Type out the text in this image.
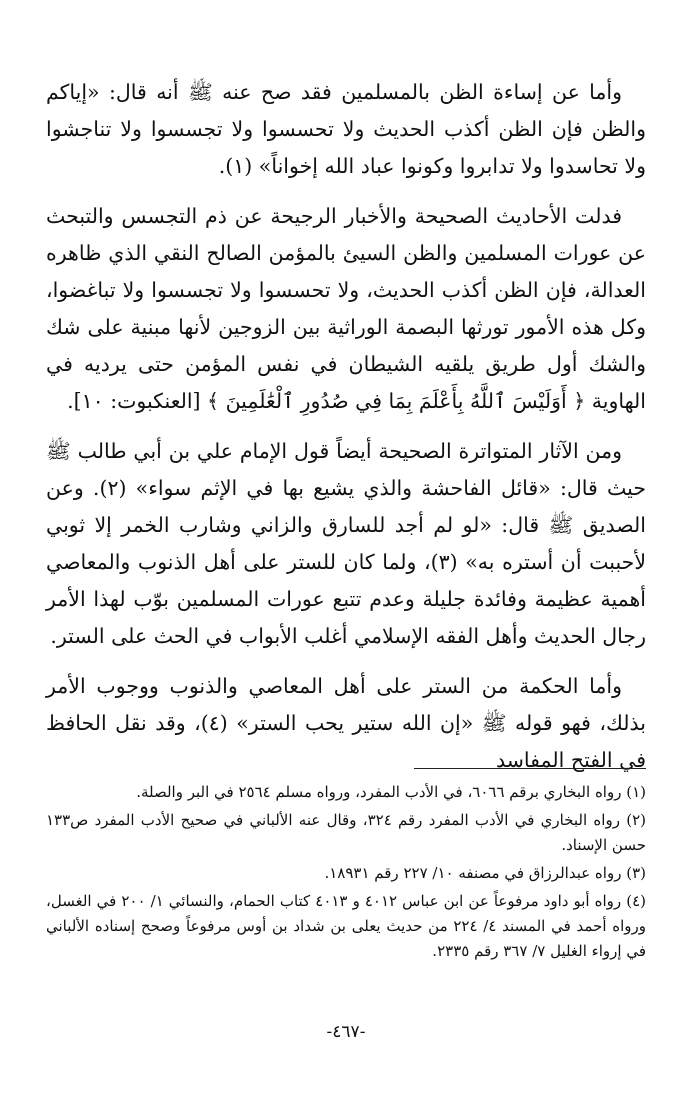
وأما عن إساءة الظن بالمسلمين فقد صح عنه ﷺ أنه قال: «إياكم والظن فإن الظن أكذب الحديث ولا تحسسوا ولا تجسسوا ولا تناجشوا ولا تحاسدوا ولا تدابروا وكونوا عباد الله إخواناً» (١).

فدلت الأحاديث الصحيحة والأخبار الرجيحة عن ذم التجسس والتبحث عن عورات المسلمين والظن السيئ بالمؤمن الصالح النقي الذي ظاهره العدالة، فإن الظن أكذب الحديث، ولا تحسسوا ولا تجسسوا ولا تباغضوا، وكل هذه الأمور تورثها البصمة الوراثية بين الزوجين لأنها مبنية على شك والشك أول طريق يلقيه الشيطان في نفس المؤمن حتى يرديه في الهاوية ﴿ أَوَلَيْسَ ٱللَّهُ بِأَعْلَمَ بِمَا فِي صُدُورِ ٱلْعَٰلَمِينَ ﴾ [العنكبوت: ١٠].

ومن الآثار المتواترة الصحيحة أيضاً قول الإمام علي بن أبي طالب ﷺ حيث قال: «قائل الفاحشة والذي يشيع بها في الإثم سواء» (٢). وعن الصديق ﷺ قال: «لو لم أجد للسارق والزاني وشارب الخمر إلا ثوبي لأحببت أن أستره به» (٣)، ولما كان للستر على أهل الذنوب والمعاصي أهمية عظيمة وفائدة جليلة وعدم تتبع عورات المسلمين بوّب لهذا الأمر رجال الحديث وأهل الفقه الإسلامي أغلب الأبواب في الحث على الستر.

وأما الحكمة من الستر على أهل المعاصي والذنوب ووجوب الأمر بذلك، فهو قوله ﷺ «إن الله ستير يحب الستر» (٤)، وقد نقل الحافظ في الفتح المفاسد

(١) رواه البخاري برقم ٦٠٦٦، في الأدب المفرد، ورواه مسلم ٢٥٦٤ في البر والصلة.

(٢) رواه البخاري في الأدب المفرد رقم ٣٢٤، وقال عنه الألباني في صحيح الأدب المفرد ص١٣٣ حسن الإسناد.

(٣) رواه عبدالرزاق في مصنفه ١٠/ ٢٢٧ رقم ١٨٩٣١.

(٤) رواه أبو داود مرفوعاً عن ابن عباس ٤٠١٢ و ٤٠١٣ كتاب الحمام، والنسائي ١/ ٢٠٠ في الغسل، ورواه أحمد في المسند ٤/ ٢٢٤ من حديث يعلى بن شداد بن أوس مرفوعاً وصحح إسناده الألباني في إرواء الغليل ٧/ ٣٦٧ رقم ٢٣٣٥.

-٤٦٧-
